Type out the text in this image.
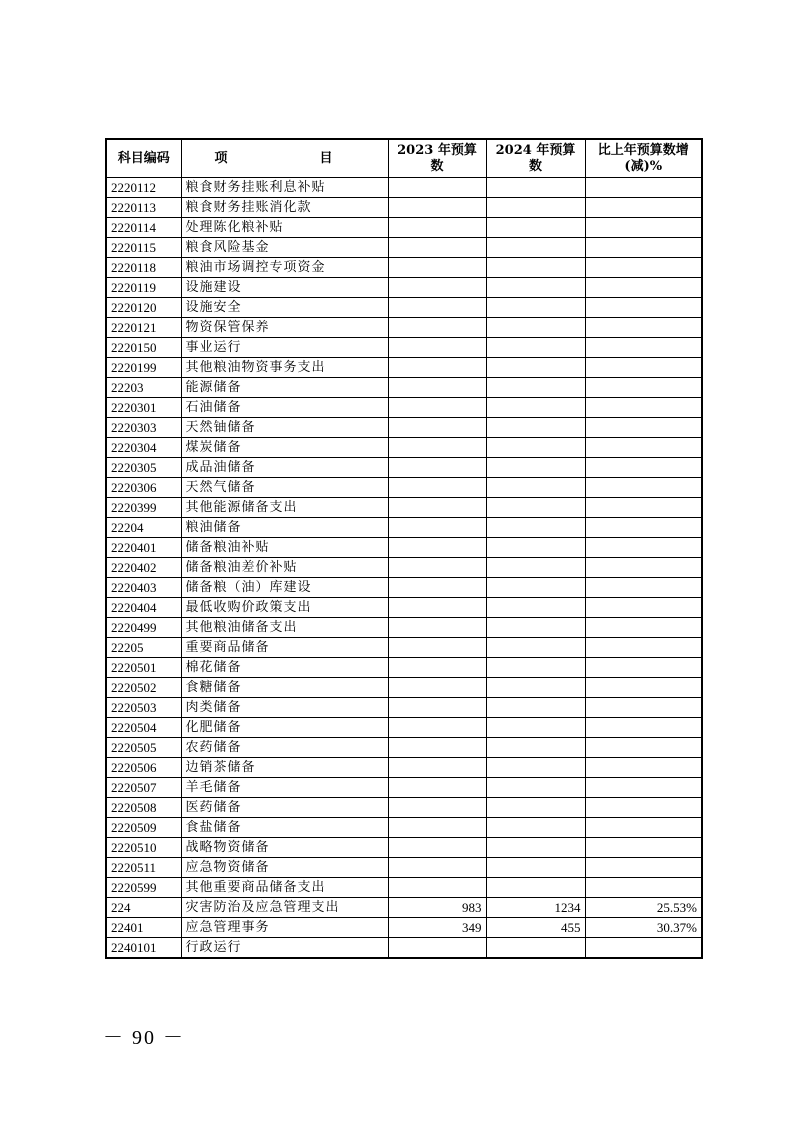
科目编码	项　　目	2023 年预算数	2024 年预算数	比上年预算数增(减)%
2220112	粮食财务挂账利息补贴			
2220113	粮食财务挂账消化款			
2220114	处理陈化粮补贴			
2220115	粮食风险基金			
2220118	粮油市场调控专项资金			
2220119	设施建设			
2220120	设施安全			
2220121	物资保管保养			
2220150	事业运行			
2220199	其他粮油物资事务支出			
22203	能源储备			
2220301	石油储备			
2220303	天然铀储备			
2220304	煤炭储备			
2220305	成品油储备			
2220306	天然气储备			
2220399	其他能源储备支出			
22204	粮油储备			
2220401	储备粮油补贴			
2220402	储备粮油差价补贴			
2220403	储备粮（油）库建设			
2220404	最低收购价政策支出			
2220499	其他粮油储备支出			
22205	重要商品储备			
2220501	棉花储备			
2220502	食糖储备			
2220503	肉类储备			
2220504	化肥储备			
2220505	农药储备			
2220506	边销茶储备			
2220507	羊毛储备			
2220508	医药储备			
2220509	食盐储备			
2220510	战略物资储备			
2220511	应急物资储备			
2220599	其他重要商品储备支出			
224	灾害防治及应急管理支出	983	1234	25.53%
22401	应急管理事务	349	455	30.37%
2240101	行政运行			
－ 90 －
